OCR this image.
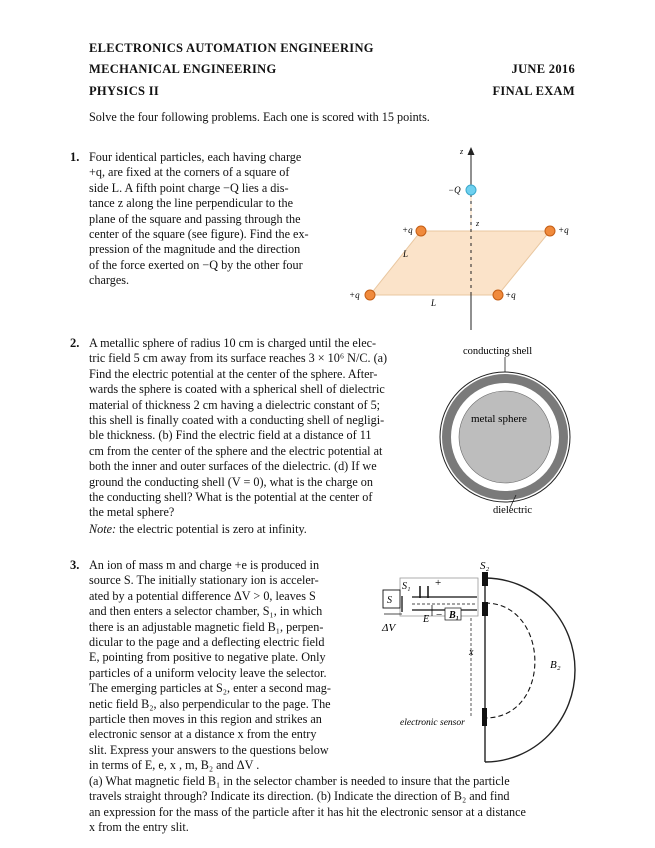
ELECTRONICS AUTOMATION ENGINEERING
MECHANICAL ENGINEERING
PHYSICS II
JUNE 2016
FINAL EXAM
Solve the four following problems. Each one is scored with 15 points.
1. Four identical particles, each having charge
+q, are fixed at the corners of a square of
side L. A fifth point charge −Q lies a dis-
tance z along the line perpendicular to the
plane of the square and passing through the
center of the square (see figure). Find the ex-
pression of the magnitude and the direction
of the force exerted on −Q by the other four
charges.
z
z
−Q
+q	+q
+q	+q
L
L
2. A metallic sphere of radius 10 cm is charged until the elec-
tric field 5 cm away from its surface reaches 3 × 10⁶ N/C. (a)
Find the electric potential at the center of the sphere. After-
wards the sphere is coated with a spherical shell of dielectric
material of thickness 2 cm having a dielectric constant of 5;
this shell is finally coated with a conducting shell of negligi-
ble thickness. (b) Find the electric field at a distance of 11
cm from the center of the sphere and the electric potential at
both the inner and outer surfaces of the dielectric. (d) If we
ground the conducting shell (V = 0), what is the charge on
the conducting shell? What is the potential at the center of
the metal sphere?
Note: the electric potential is zero at infinity.
conducting shell
metal sphere
dielectric
3. An ion of mass m and charge +e is produced in
source S. The initially stationary ion is acceler-
ated by a potential difference ΔV > 0, leaves S
and then enters a selector chamber, S₁, in which
there is an adjustable magnetic field B₁, perpen-
dicular to the page and a deflecting electric field
E, pointing from positive to negative plate. Only
particles of a uniform velocity leave the selector.
The emerging particles at S₂, enter a second mag-
netic field B₂, also perpendicular to the page. The
particle then moves in this region and strikes an
electronic sensor at a distance x from the entry
slit. Express your answers to the questions below
in terms of E, e, x , m, B₂ and ΔV .
(a) What magnetic field B₁ in the selector chamber is needed to insure that the particle
travels straight through? Indicate its direction. (b) Indicate the direction of B₂ and find
an expression for the mass of the particle after it has hit the electronic sensor at a distance
x from the entry slit.
S₂
S₁ +
−
E B₁
S
ΔV
x
electronic sensor
B₂
